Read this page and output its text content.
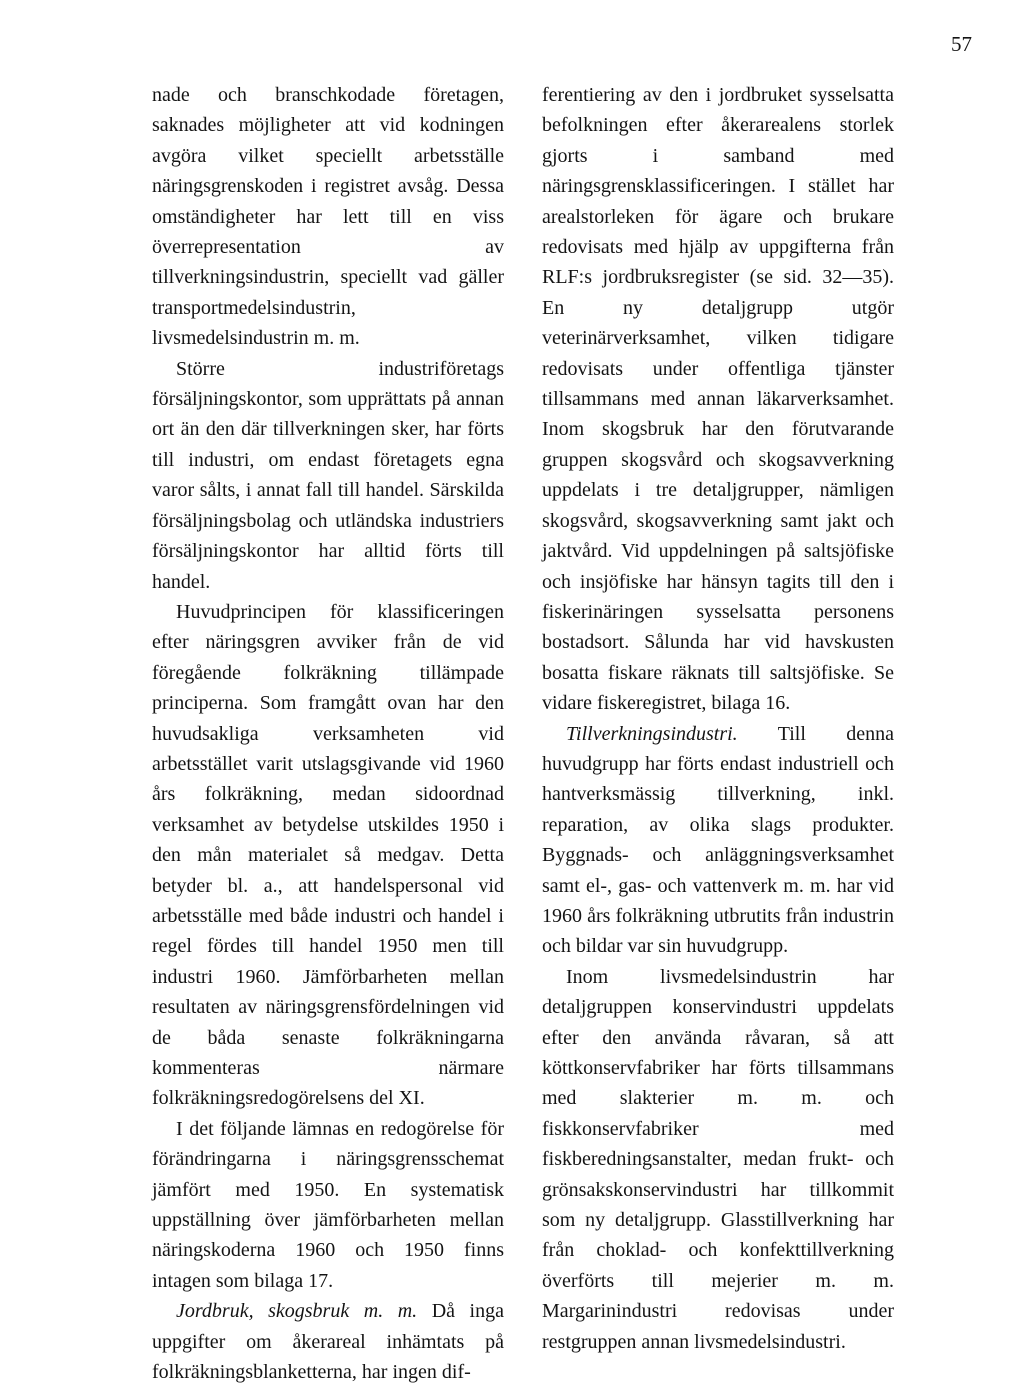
57

nade och branschkodade företagen, saknades möjligheter att vid kodningen avgöra vilket speciellt arbetsställe näringsgrenskoden i registret avsåg. Dessa omständigheter har lett till en viss överrepresentation av tillverkningsindustrin, speciellt vad gäller transportmedelsindustrin, livsmedelsindustrin m. m.

Större industriföretags försäljningskontor, som upprättats på annan ort än den där tillverkningen sker, har förts till industri, om endast företagets egna varor sålts, i annat fall till handel. Särskilda försäljningsbolag och utländska industriers försäljningskontor har alltid förts till handel.

Huvudprincipen för klassificeringen efter näringsgren avviker från de vid föregående folkräkning tillämpade principerna. Som framgått ovan har den huvudsakliga verksamheten vid arbetsstället varit utslagsgivande vid 1960 års folkräkning, medan sidoordnad verksamhet av betydelse utskildes 1950 i den mån materialet så medgav. Detta betyder bl. a., att handelspersonal vid arbetsställe med både industri och handel i regel fördes till handel 1950 men till industri 1960. Jämförbarheten mellan resultaten av näringsgrensfördelningen vid de båda senaste folkräkningarna kommenteras närmare folkräkningsredogörelsens del XI.

I det följande lämnas en redogörelse för förändringarna i näringsgrensschemat jämfört med 1950. En systematisk uppställning över jämförbarheten mellan näringskoderna 1960 och 1950 finns intagen som bilaga 17.

Jordbruk, skogsbruk m. m. Då inga uppgifter om åkerareal inhämtats på folkräkningsblanketterna, har ingen dif-

ferentiering av den i jordbruket sysselsatta befolkningen efter åkerarealens storlek gjorts i samband med näringsgrensklassificeringen. I stället har arealstorleken för ägare och brukare redovisats med hjälp av uppgifterna från RLF:s jordbruksregister (se sid. 32—35). En ny detaljgrupp utgör veterinärverksamhet, vilken tidigare redovisats under offentliga tjänster tillsammans med annan läkarverksamhet. Inom skogsbruk har den förutvarande gruppen skogsvård och skogsavverkning uppdelats i tre detaljgrupper, nämligen skogsvård, skogsavverkning samt jakt och jaktvård. Vid uppdelningen på saltsjöfiske och insjöfiske har hänsyn tagits till den i fiskerinäringen sysselsatta personens bostadsort. Sålunda har vid havskusten bosatta fiskare räknats till saltsjöfiske. Se vidare fiskeregistret, bilaga 16.

Tillverkningsindustri. Till denna huvudgrupp har förts endast industriell och hantverksmässig tillverkning, inkl. reparation, av olika slags produkter. Byggnads- och anläggningsverksamhet samt el-, gas- och vattenverk m. m. har vid 1960 års folkräkning utbrutits från industrin och bildar var sin huvudgrupp.

Inom livsmedelsindustrin har detaljgruppen konservindustri uppdelats efter den använda råvaran, så att köttkonservfabriker har förts tillsammans med slakterier m. m. och fiskkonservfabriker med fiskberedningsanstalter, medan frukt- och grönsakskonservindustri har tillkommit som ny detaljgrupp. Glasstillverkning har från choklad- och konfekttillverkning överförts till mejerier m. m. Margarinindustri redovisas under restgruppen annan livsmedelsindustri.
